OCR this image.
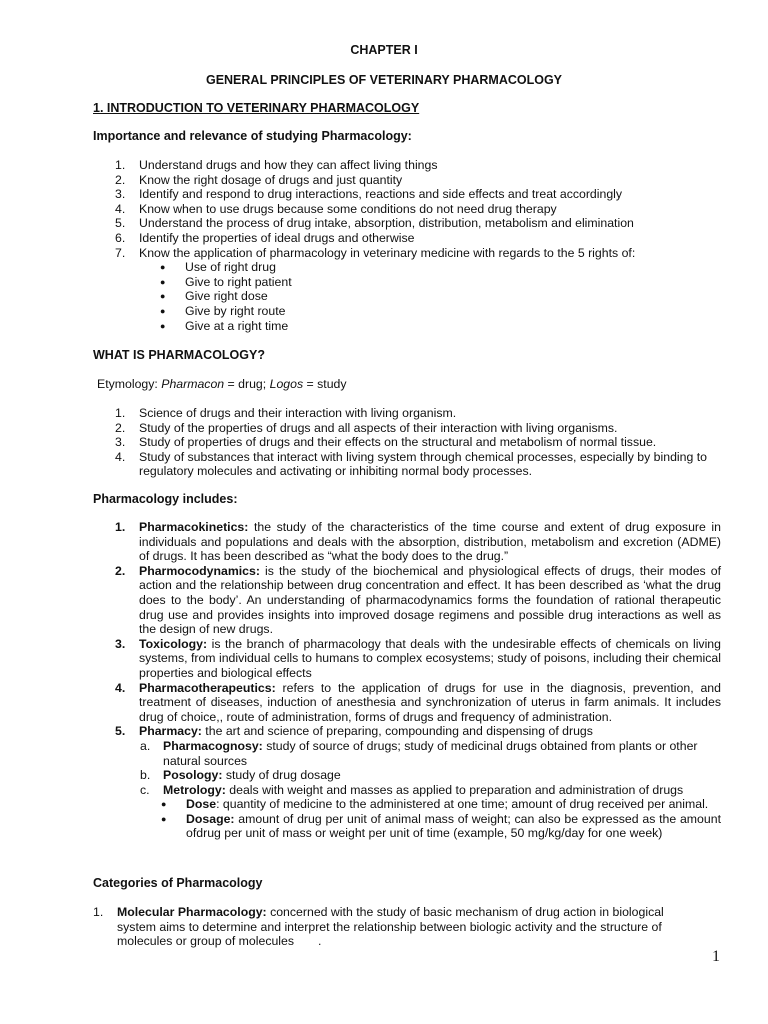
CHAPTER I
GENERAL PRINCIPLES OF VETERINARY PHARMACOLOGY
1. INTRODUCTION TO VETERINARY PHARMACOLOGY
Importance and relevance of studying Pharmacology:
1. Understand drugs and how they can affect living things
2. Know the right dosage of drugs and just quantity
3. Identify and respond to drug interactions, reactions and side effects and treat accordingly
4. Know when to use drugs because some conditions do not need drug therapy
5. Understand the process of drug intake, absorption, distribution, metabolism and elimination
6. Identify the properties of ideal drugs and otherwise
7. Know the application of pharmacology in veterinary medicine with regards to the 5 rights of:
● Use of right drug
● Give to right patient
● Give right dose
● Give by right route
● Give at a right time
WHAT IS PHARMACOLOGY?
Etymology: Pharmacon = drug; Logos = study
1. Science of drugs and their interaction with living organism.
2. Study of the properties of drugs and all aspects of their interaction with living organisms.
3. Study of properties of drugs and their effects on the structural and metabolism of normal tissue.
4. Study of substances that interact with living system through chemical processes, especially by binding to regulatory molecules and activating or inhibiting normal body processes.
Pharmacology includes:
1. Pharmacokinetics: the study of the characteristics of the time course and extent of drug exposure in individuals and populations and deals with the absorption, distribution, metabolism and excretion (ADME) of drugs. It has been described as “what the body does to the drug.”
2. Pharmocodynamics: is the study of the biochemical and physiological effects of drugs, their modes of action and the relationship between drug concentration and effect. It has been described as ‘what the drug does to the body’. An understanding of pharmacodynamics forms the foundation of rational therapeutic drug use and provides insights into improved dosage regimens and possible drug interactions as well as the design of new drugs.
3. Toxicology: is the branch of pharmacology that deals with the undesirable effects of chemicals on living systems, from individual cells to humans to complex ecosystems; study of poisons, including their chemical properties and biological effects
4. Pharmacotherapeutics: refers to the application of drugs for use in the diagnosis, prevention, and treatment of diseases, induction of anesthesia and synchronization of uterus in farm animals. It includes drug of choice,, route of administration, forms of drugs and frequency of administration.
5. Pharmacy: the art and science of preparing, compounding and dispensing of drugs
a. Pharmacognosy: study of source of drugs; study of medicinal drugs obtained from plants or other natural sources
b. Posology: study of drug dosage
c. Metrology: deals with weight and masses as applied to preparation and administration of drugs
● Dose: quantity of medicine to the administered at one time; amount of drug received per animal.
● Dosage: amount of drug per unit of animal mass of weight; can also be expressed as the amount ofdrug per unit of mass or weight per unit of time (example, 50 mg/kg/day for one week)
Categories of Pharmacology
1. Molecular Pharmacology: concerned with the study of basic mechanism of drug action in biological system aims to determine and interpret the relationship between biologic activity and the structure of molecules or group of molecules       .
1
